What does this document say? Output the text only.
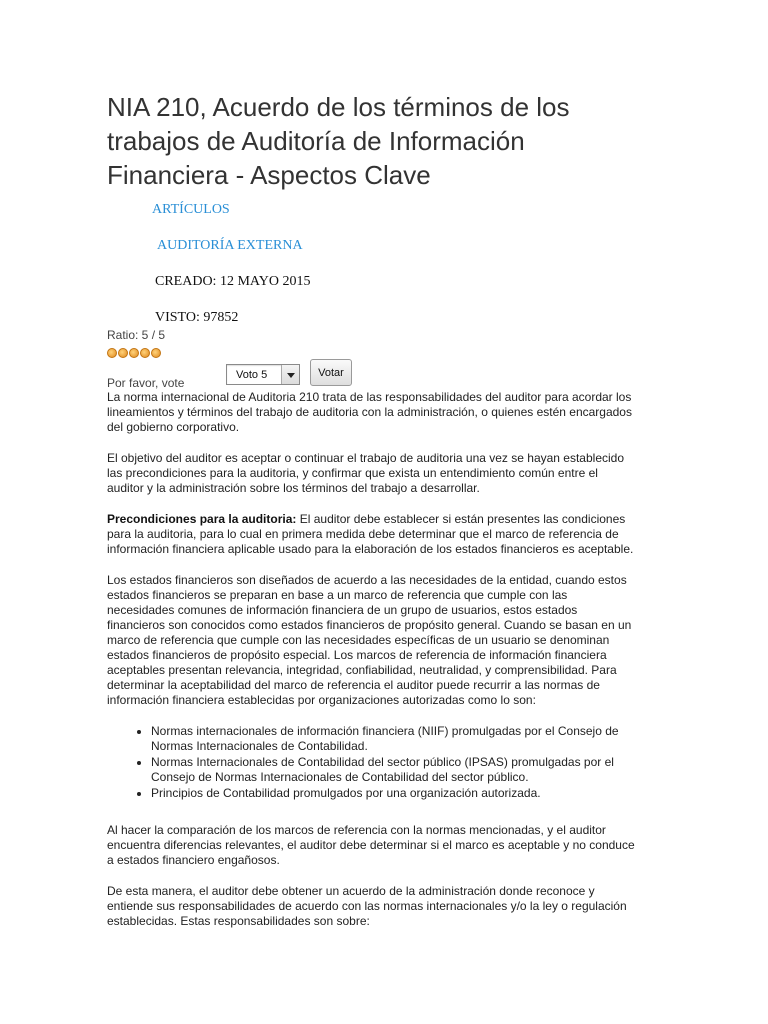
NIA 210, Acuerdo de los términos de los trabajos de Auditoría de Información Financiera - Aspectos Clave
ARTÍCULOS
AUDITORÍA EXTERNA
CREADO: 12 MAYO 2015
VISTO: 97852
Ratio: 5 / 5
Por favor, vote
Voto 5	Votar

La norma internacional de Auditoria 210 trata de las responsabilidades del auditor para acordar los lineamientos y términos del trabajo de auditoria con la administración, o quienes estén encargados del gobierno corporativo.

El objetivo del auditor es aceptar o continuar el trabajo de auditoria una vez se hayan establecido las precondiciones para la auditoria, y confirmar que exista un entendimiento común entre el auditor y la administración sobre los términos del trabajo a desarrollar.

Precondiciones para la auditoria: El auditor debe establecer si están presentes las condiciones para la auditoria, para lo cual en primera medida debe determinar que el marco de referencia de información financiera aplicable usado para la elaboración de los estados financieros es aceptable.

Los estados financieros son diseñados de acuerdo a las necesidades de la entidad, cuando estos estados financieros se preparan en base a un marco de referencia que cumple con las necesidades comunes de información financiera de un grupo de usuarios, estos estados financieros son conocidos como estados financieros de propósito general. Cuando se basan en un marco de referencia que cumple con las necesidades específicas de un usuario se denominan estados financieros de propósito especial. Los marcos de referencia de información financiera aceptables presentan relevancia, integridad, confiabilidad, neutralidad, y comprensibilidad. Para determinar la aceptabilidad del marco de referencia el auditor puede recurrir a las normas de información financiera establecidas por organizaciones autorizadas como lo son:

• Normas internacionales de información financiera (NIIF) promulgadas por el Consejo de Normas Internacionales de Contabilidad.
• Normas Internacionales de Contabilidad del sector público (IPSAS) promulgadas por el Consejo de Normas Internacionales de Contabilidad del sector público.
• Principios de Contabilidad promulgados por una organización autorizada.

Al hacer la comparación de los marcos de referencia con la normas mencionadas, y el auditor encuentra diferencias relevantes, el auditor debe determinar si el marco es aceptable y no conduce a estados financiero engañosos.

De esta manera, el auditor debe obtener un acuerdo de la administración donde reconoce y entiende sus responsabilidades de acuerdo con las normas internacionales y/o la ley o regulación establecidas. Estas responsabilidades son sobre:
